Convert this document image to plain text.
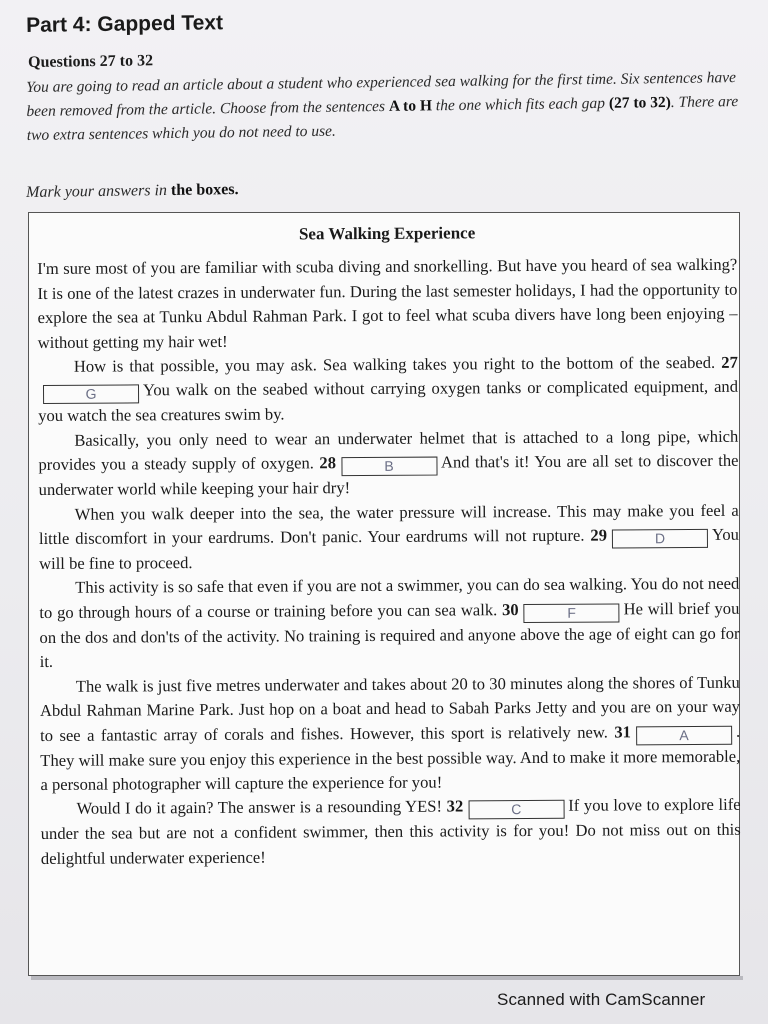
Part 4: Gapped Text
Questions 27 to 32
You are going to read an article about a student who experienced sea walking for the first time. Six sentences have been removed from the article. Choose from the sentences A to H the one which fits each gap (27 to 32). There are two extra sentences which you do not need to use.
Mark your answers in the boxes.
Sea Walking Experience

I'm sure most of you are familiar with scuba diving and snorkelling. But have you heard of sea walking? It is one of the latest crazes in underwater fun. During the last semester holidays, I had the opportunity to explore the sea at Tunku Abdul Rahman Park. I got to feel what scuba divers have long been enjoying – without getting my hair wet!

How is that possible, you may ask. Sea walking takes you right to the bottom of the seabed. 27G	You walk on the seabed without carrying oxygen tanks or complicated equipment, and you watch the sea creatures swim by.

Basically, you only need to wear an underwater helmet that is attached to a long pipe, which provides you a steady supply of oxygen. 28	B	And that's it! You are all set to discover the underwater world while keeping your hair dry!

When you walk deeper into the sea, the water pressure will increase. This may make you feel a little discomfort in your eardrums. Don't panic. Your eardrums will not rupture. 29	D	You will be fine to proceed.

This activity is so safe that even if you are not a swimmer, you can do sea walking. You do not need to go through hours of a course or training before you can sea walk. 30	F	He will brief you on the dos and don'ts of the activity. No training is required and anyone above the age of eight can go for it.

The walk is just five metres underwater and takes about 20 to 30 minutes along the shores of Tunku Abdul Rahman Marine Park. Just hop on a boat and head to Sabah Parks Jetty and you are on your way to see a fantastic array of corals and fishes. However, this sport is relatively new. 31	A	. They will make sure you enjoy this experience in the best possible way. And to make it more memorable, a personal photographer will capture the experience for you!

Would I do it again? The answer is a resounding YES! 32	C	If you love to explore life under the sea but are not a confident swimmer, then this activity is for you! Do not miss out on this delightful underwater experience!

Scanned with CamScanner
